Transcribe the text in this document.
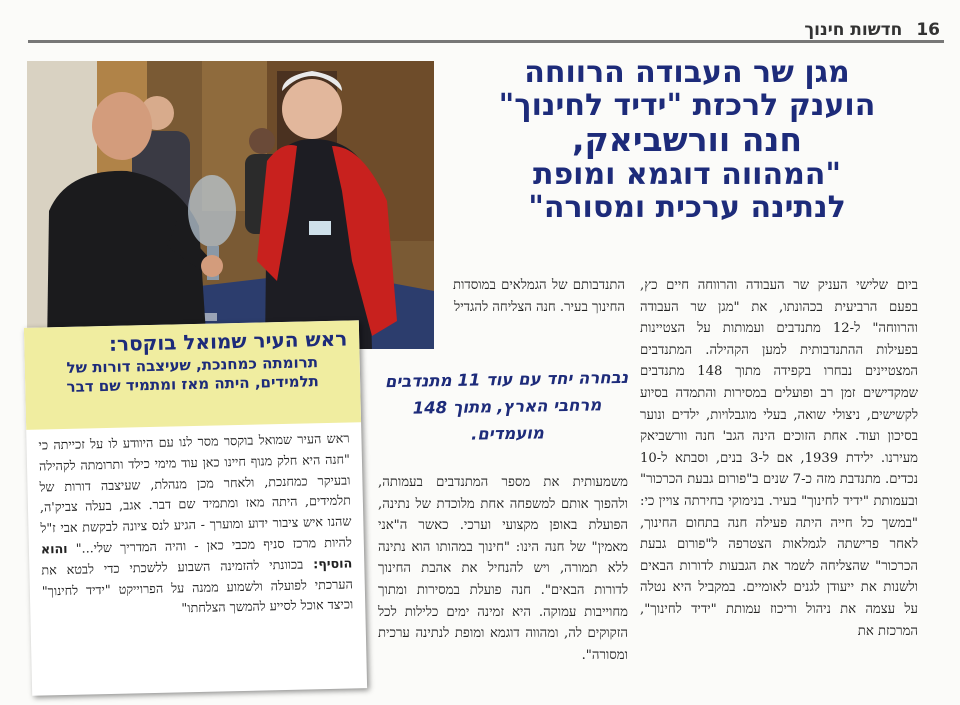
16
חדשות חינוך
מגן שר העבודה הרווחה
הוענק לרכזת "ידיד לחינוך"
חנה וורשביאק,
"המהווה דוגמא ומופת
לנתינה ערכית ומסורה"

ביום שלישי העניק שר העבודה והרווחה חיים כץ, בפעם הרביעית בכהונתו, את "מגן שר העבודה והרווחה" ל-12 מתנדבים ועמותות על הצטיינות בפעילות ההתנדבותית למען הקהילה. המתנדבים המצטיינים נבחרו בקפידה מתוך 148 מתנדבים שמקדישים זמן רב ופועלים במסירות והתמדה בסיוע לקשישים, ניצולי שואה, בעלי מוגבלויות, ילדים ונוער בסיכון ועוד. אחת הזוכים הינה הגב' חנה וורשביאק מעירנו. ילידת 1939, אם ל-3 בנים, וסבתא ל-10 נכדים. מתנדבת מזה כ-7 שנים ב"פורום גבעת הכרכור" ובעמותת "ידיד לחינוך" בעיר. בנימוקי בחירתה צויין כי: "במשך כל חייה היתה פעילה חנה בתחום החינוך, לאחר פרישתה לגמלאות הצטרפה ל"פורום גבעת הכרכור" שהצליחה לשמר את הגבעות לדורות הבאים ולשנות את ייעודן לגנים לאומיים. במקביל היא נטלה על עצמה את ניהול וריכוז עמותת "ידיד לחינוך", המרכזת את

התנדבותם של הגמלאים במוסדות החינוך בעיר. חנה הצליחה להגדיל

נבחרה יחד עם עוד 11 מתנדבים מרחבי הארץ, מתוך 148 מועמדים.

משמעותית את מספר המתנדבים בעמותה, ולהפוך אותם למשפחה אחת מלוכדת של נתינה, הפועלת באופן מקצועי וערכי. כאשר ה"אני מאמין" של חנה הינו: "חינוך במהותו הוא נתינה ללא תמורה, ויש להנחיל את אהבת החינוך לדורות הבאים". חנה פועלת במסירות ומתוך מחוייבות עמוקה. היא זמינה ימים כלילות לכל הזקוקים לה, ומהווה דוגמא ומופת לנתינה ערכית ומסורה".

ראש העיר שמואל בוקסר:
תרומתה כמחנכת, שעיצבה דורות של תלמידים, היתה מאז ומתמיד שם דבר
ראש העיר שמואל בוקסר מסר לנו עם היוודע לו על זכייתה כי "חנה היא חלק מנוף חיינו כאן עוד מימי כילד ותרומתה לקהילה ובעיקר כמחנכת, ולאחר מכן מנהלת, שעיצבה דורות של תלמידים, היתה מאז ומתמיד שם דבר. אגב, בעלה צביק'ה, שהנו איש ציבור ידוע ומוערך - הגיע לנס ציונה לבקשת אבי ז"ל להיות מרכז סניף מכבי כאן - והיה המדריך שלי..." והוא הוסיף: בכוונתי להזמינה השבוע ללשכתי כדי לבטא את הערכתי לפועלה ולשמוע ממנה על הפרוייקט "ידיד לחינוך" וכיצד אוכל לסייע להמשך הצלחתו"
